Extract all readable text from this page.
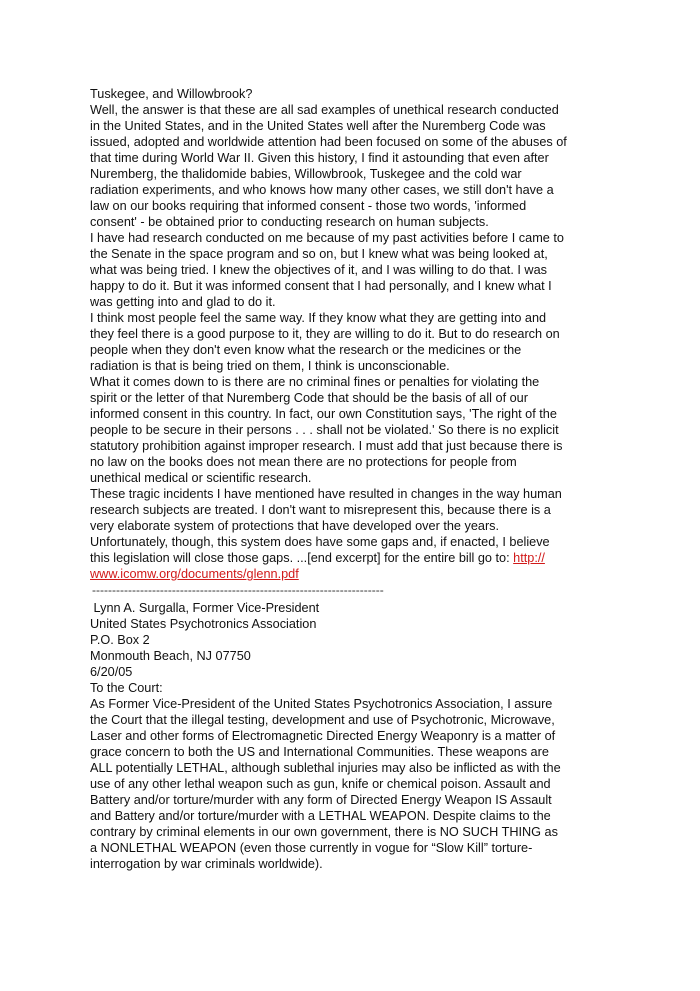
Tuskegee, and Willowbrook?

Well, the answer is that these are all sad examples of unethical research conducted

in the United States, and in the United States well after the Nuremberg Code was

issued, adopted and worldwide attention had been focused on some of the abuses of

that time during World War II. Given this history, I find it astounding that even after

Nuremberg, the thalidomide babies, Willowbrook, Tuskegee and the cold war

radiation experiments, and who knows how many other cases, we still don't have a

law on our books requiring that informed consent - those two words, 'informed

consent' - be obtained prior to conducting research on human subjects.

I have had research conducted on me because of my past activities before I came to

the Senate in the space program and so on, but I knew what was being looked at,

what was being tried. I knew the objectives of it, and I was willing to do that. I was

happy to do it. But it was informed consent that I had personally, and I knew what I

was getting into and glad to do it.

I think most people feel the same way. If they know what they are getting into and

they feel there is a good purpose to it, they are willing to do it. But to do research on

people when they don't even know what the research or the medicines or the

radiation is that is being tried on them, I think is unconscionable.

What it comes down to is there are no criminal fines or penalties for violating the

spirit or the letter of that Nuremberg Code that should be the basis of all of our

informed consent in this country. In fact, our own Constitution says, 'The right of the

people to be secure in their persons . . . shall not be violated.' So there is no explicit

statutory prohibition against improper research. I must add that just because there is

no law on the books does not mean there are no protections for people from

unethical medical or scientific research.

These tragic incidents I have mentioned have resulted in changes in the way human

research subjects are treated. I don't want to misrepresent this, because there is a

very elaborate system of protections that have developed over the years.

Unfortunately, though, this system does have some gaps and, if enacted, I believe

this legislation will close those gaps. ...[end excerpt] for the entire bill go to: http://

www.icomw.org/documents/glenn.pdf

-------------------------------------------------------------------------

Lynn A. Surgalla, Former Vice-President

United States Psychotronics Association

P.O. Box 2

Monmouth Beach, NJ 07750

6/20/05

To the Court:

As Former Vice-President of the United States Psychotronics Association, I assure

the Court that the illegal testing, development and use of Psychotronic, Microwave,

Laser and other forms of Electromagnetic Directed Energy Weaponry is a matter of

grace concern to both the US and International Communities. These weapons are

ALL potentially LETHAL, although sublethal injuries may also be inflicted as with the

use of any other lethal weapon such as gun, knife or chemical poison. Assault and

Battery and/or torture/murder with any form of Directed Energy Weapon IS Assault

and Battery and/or torture/murder with a LETHAL WEAPON. Despite claims to the

contrary by criminal elements in our own government, there is NO SUCH THING as

a NONLETHAL WEAPON (even those currently in vogue for “Slow Kill” torture-

interrogation by war criminals worldwide).
